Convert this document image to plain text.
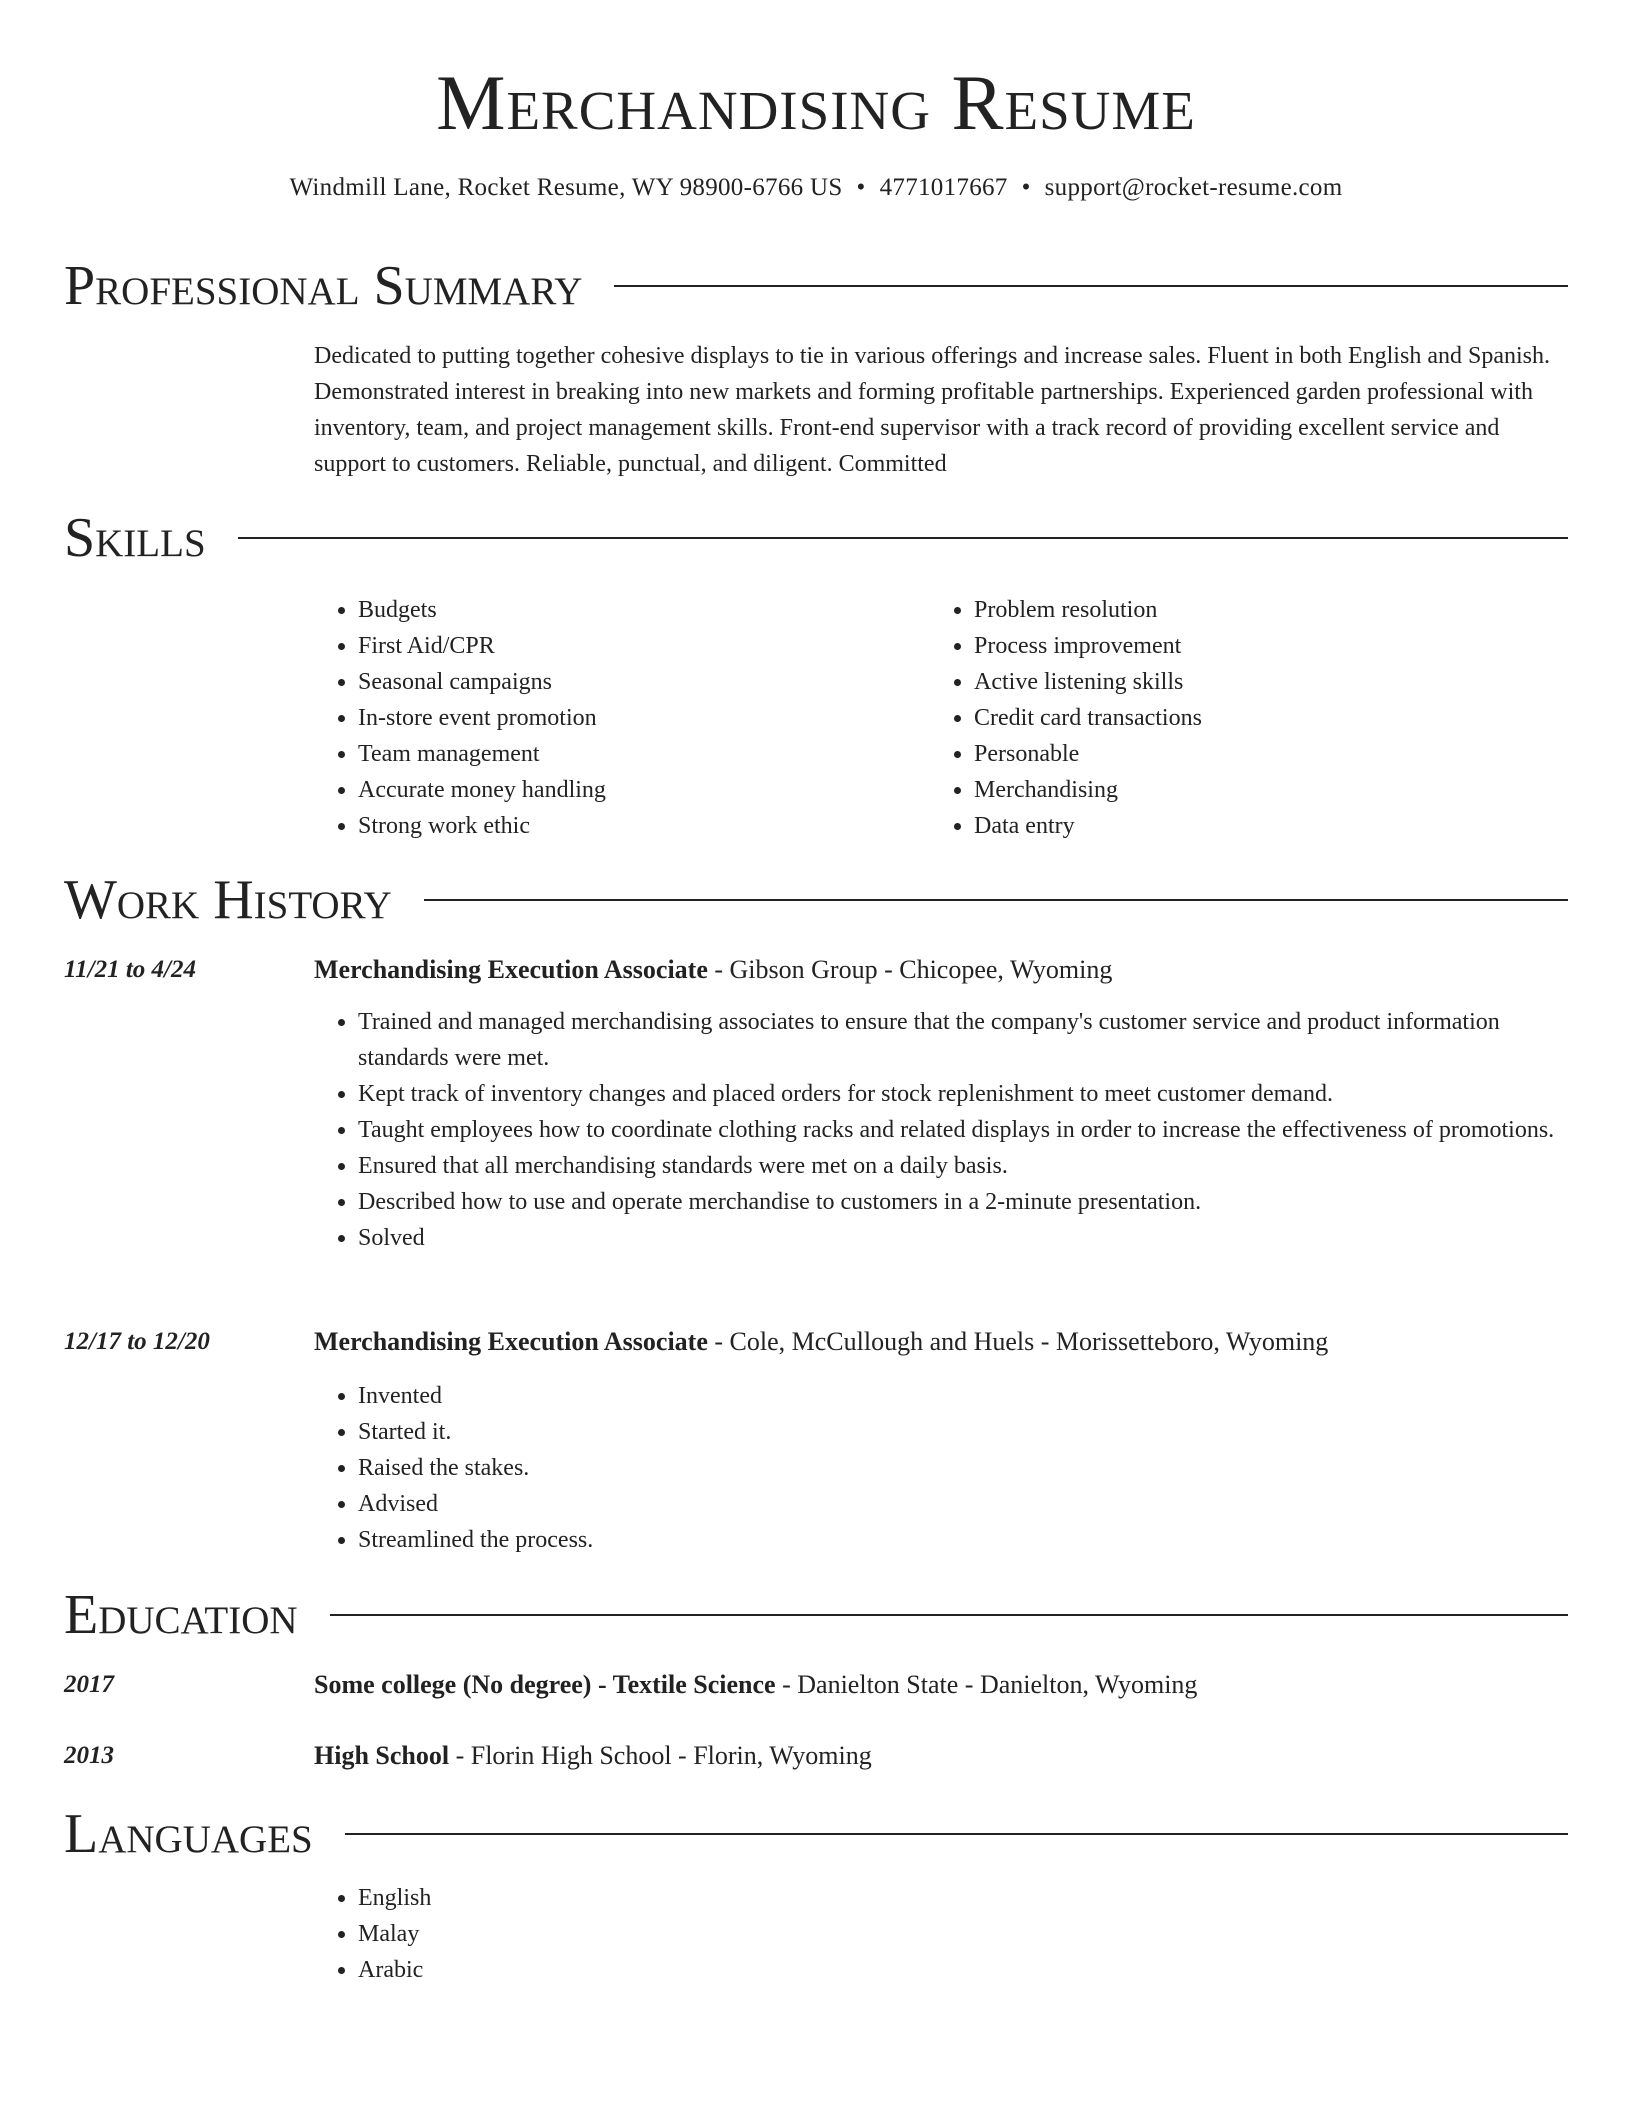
Merchandising Resume
Windmill Lane, Rocket Resume, WY 98900-6766 US • 4771017667 • support@rocket-resume.com
Professional Summary
Dedicated to putting together cohesive displays to tie in various offerings and increase sales. Fluent in both English and Spanish. Demonstrated interest in breaking into new markets and forming profitable partnerships. Experienced garden professional with inventory, team, and project management skills. Front-end supervisor with a track record of providing excellent service and support to customers. Reliable, punctual, and diligent. Committed
Skills
• Budgets
• First Aid/CPR
• Seasonal campaigns
• In-store event promotion
• Team management
• Accurate money handling
• Strong work ethic
• Problem resolution
• Process improvement
• Active listening skills
• Credit card transactions
• Personable
• Merchandising
• Data entry
Work History
11/21 to 4/24	Merchandising Execution Associate - Gibson Group - Chicopee, Wyoming
• Trained and managed merchandising associates to ensure that the company's customer service and product information standards were met.
• Kept track of inventory changes and placed orders for stock replenishment to meet customer demand.
• Taught employees how to coordinate clothing racks and related displays in order to increase the effectiveness of promotions.
• Ensured that all merchandising standards were met on a daily basis.
• Described how to use and operate merchandise to customers in a 2-minute presentation.
• Solved
12/17 to 12/20	Merchandising Execution Associate - Cole, McCullough and Huels - Morissetteboro, Wyoming
• Invented
• Started it.
• Raised the stakes.
• Advised
• Streamlined the process.
Education
2017	Some college (No degree) - Textile Science - Danielton State - Danielton, Wyoming
2013	High School - Florin High School - Florin, Wyoming
Languages
• English
• Malay
• Arabic
